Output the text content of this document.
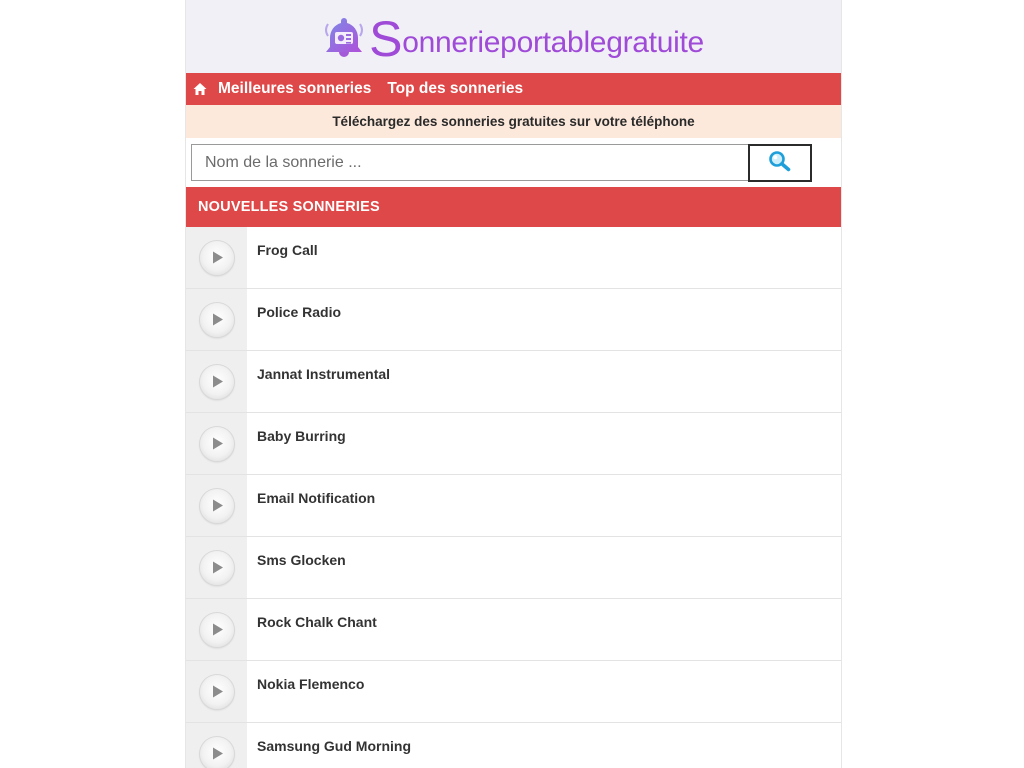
Sonnerieportablegratuite
Meilleures sonneries Top des sonneries
Téléchargez des sonneries gratuites sur votre téléphone
Nom de la sonnerie ...
NOUVELLES SONNERIES
Frog Call
Police Radio
Jannat Instrumental
Baby Burring
Email Notification
Sms Glocken
Rock Chalk Chant
Nokia Flemenco
Samsung Gud Morning
